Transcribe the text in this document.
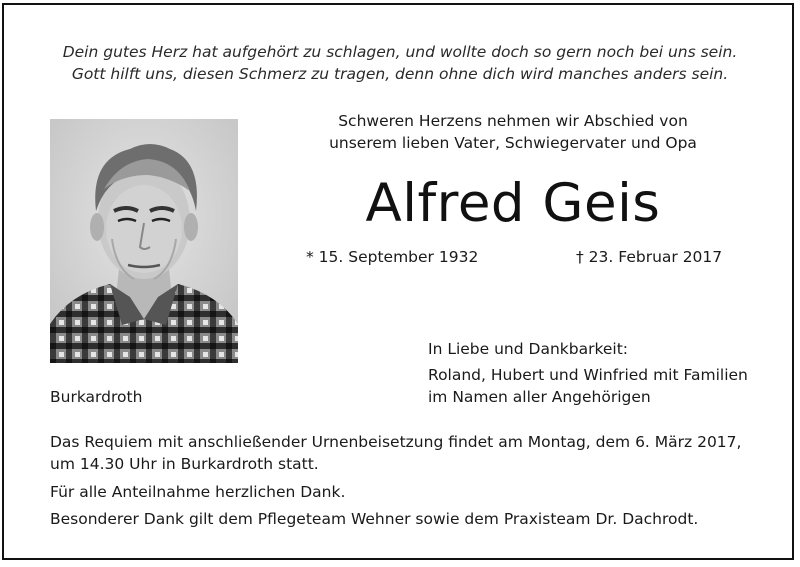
Dein gutes Herz hat aufgehört zu schlagen, und wollte doch so gern noch bei uns sein.
Gott hilft uns, diesen Schmerz zu tragen, denn ohne dich wird manches anders sein.
Schweren Herzens nehmen wir Abschied von
unserem lieben Vater, Schwiegervater und Opa
Alfred Geis
* 15. September 1932	† 23. Februar 2017
In Liebe und Dankbarkeit:
Roland, Hubert und Winfried mit Familien
im Namen aller Angehörigen
Burkardroth
Das Requiem mit anschließender Urnenbeisetzung findet am Montag, dem 6. März 2017,
um 14.30 Uhr in Burkardroth statt.
Für alle Anteilnahme herzlichen Dank.
Besonderer Dank gilt dem Pflegeteam Wehner sowie dem Praxisteam Dr. Dachrodt.
